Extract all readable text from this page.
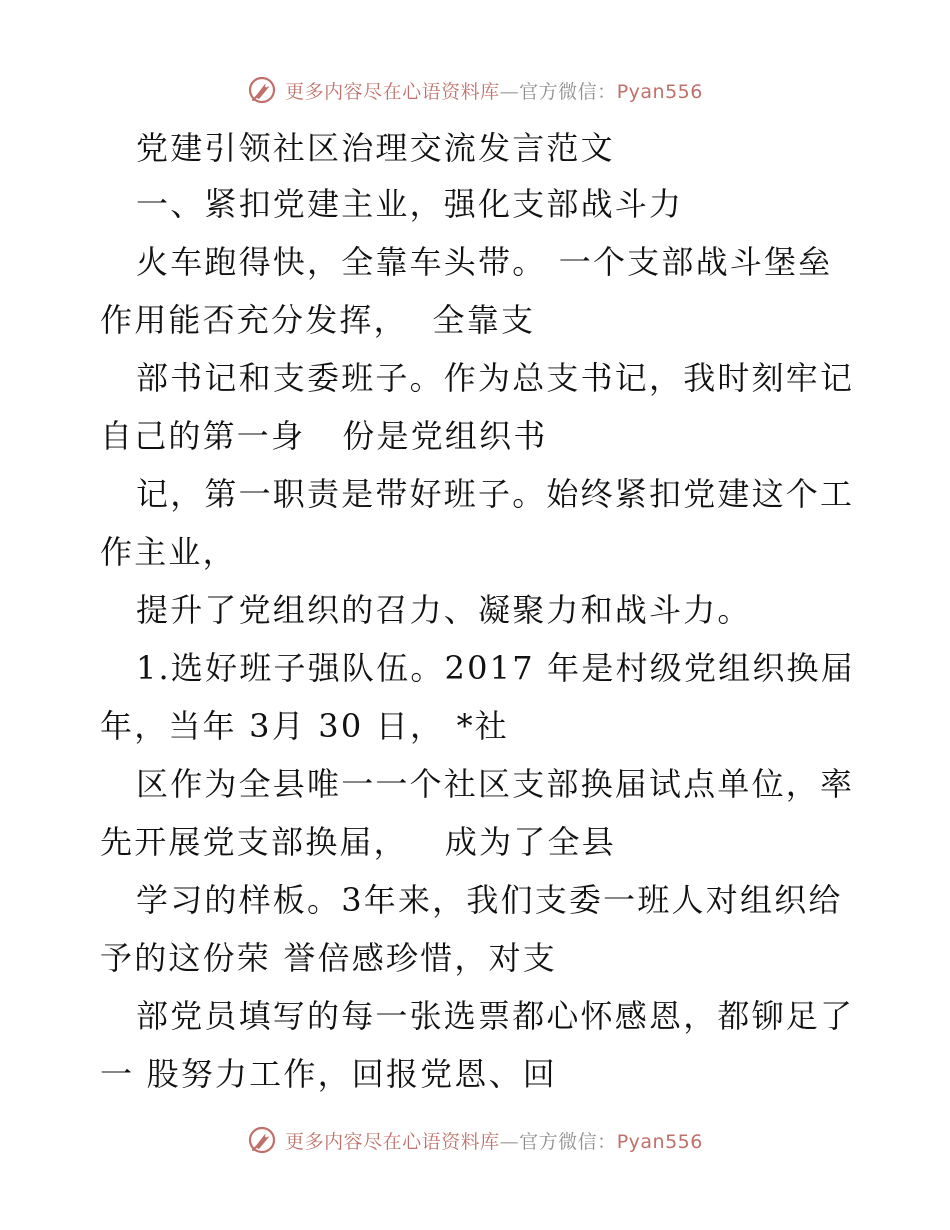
更多内容尽在心语资料库—官方微信：Pyan556
党建引领社区治理交流发言范文
一、紧扣党建主业，强化支部战斗力
火车跑得快，全靠车头带。 一个支部战斗堡垒
作用能否充分发挥，  全靠支
部书记和支委班子。作为总支书记，我时刻牢记
自己的第一身   份是党组织书
记，第一职责是带好班子。始终紧扣党建这个工
作主业，
提升了党组织的召力、凝聚力和战斗力。
1.选好班子强队伍。2017 年是村级党组织换届
年，当年 3月 30 日， *社
区作为全县唯一一个社区支部换届试点单位，率
先开展党支部换届，   成为了全县
学习的样板。3年来，我们支委一班人对组织给
予的这份荣 誉倍感珍惜，对支
部党员填写的每一张选票都心怀感恩，都铆足了
一 股努力工作，回报党恩、回
更多内容尽在心语资料库—官方微信：Pyan556
